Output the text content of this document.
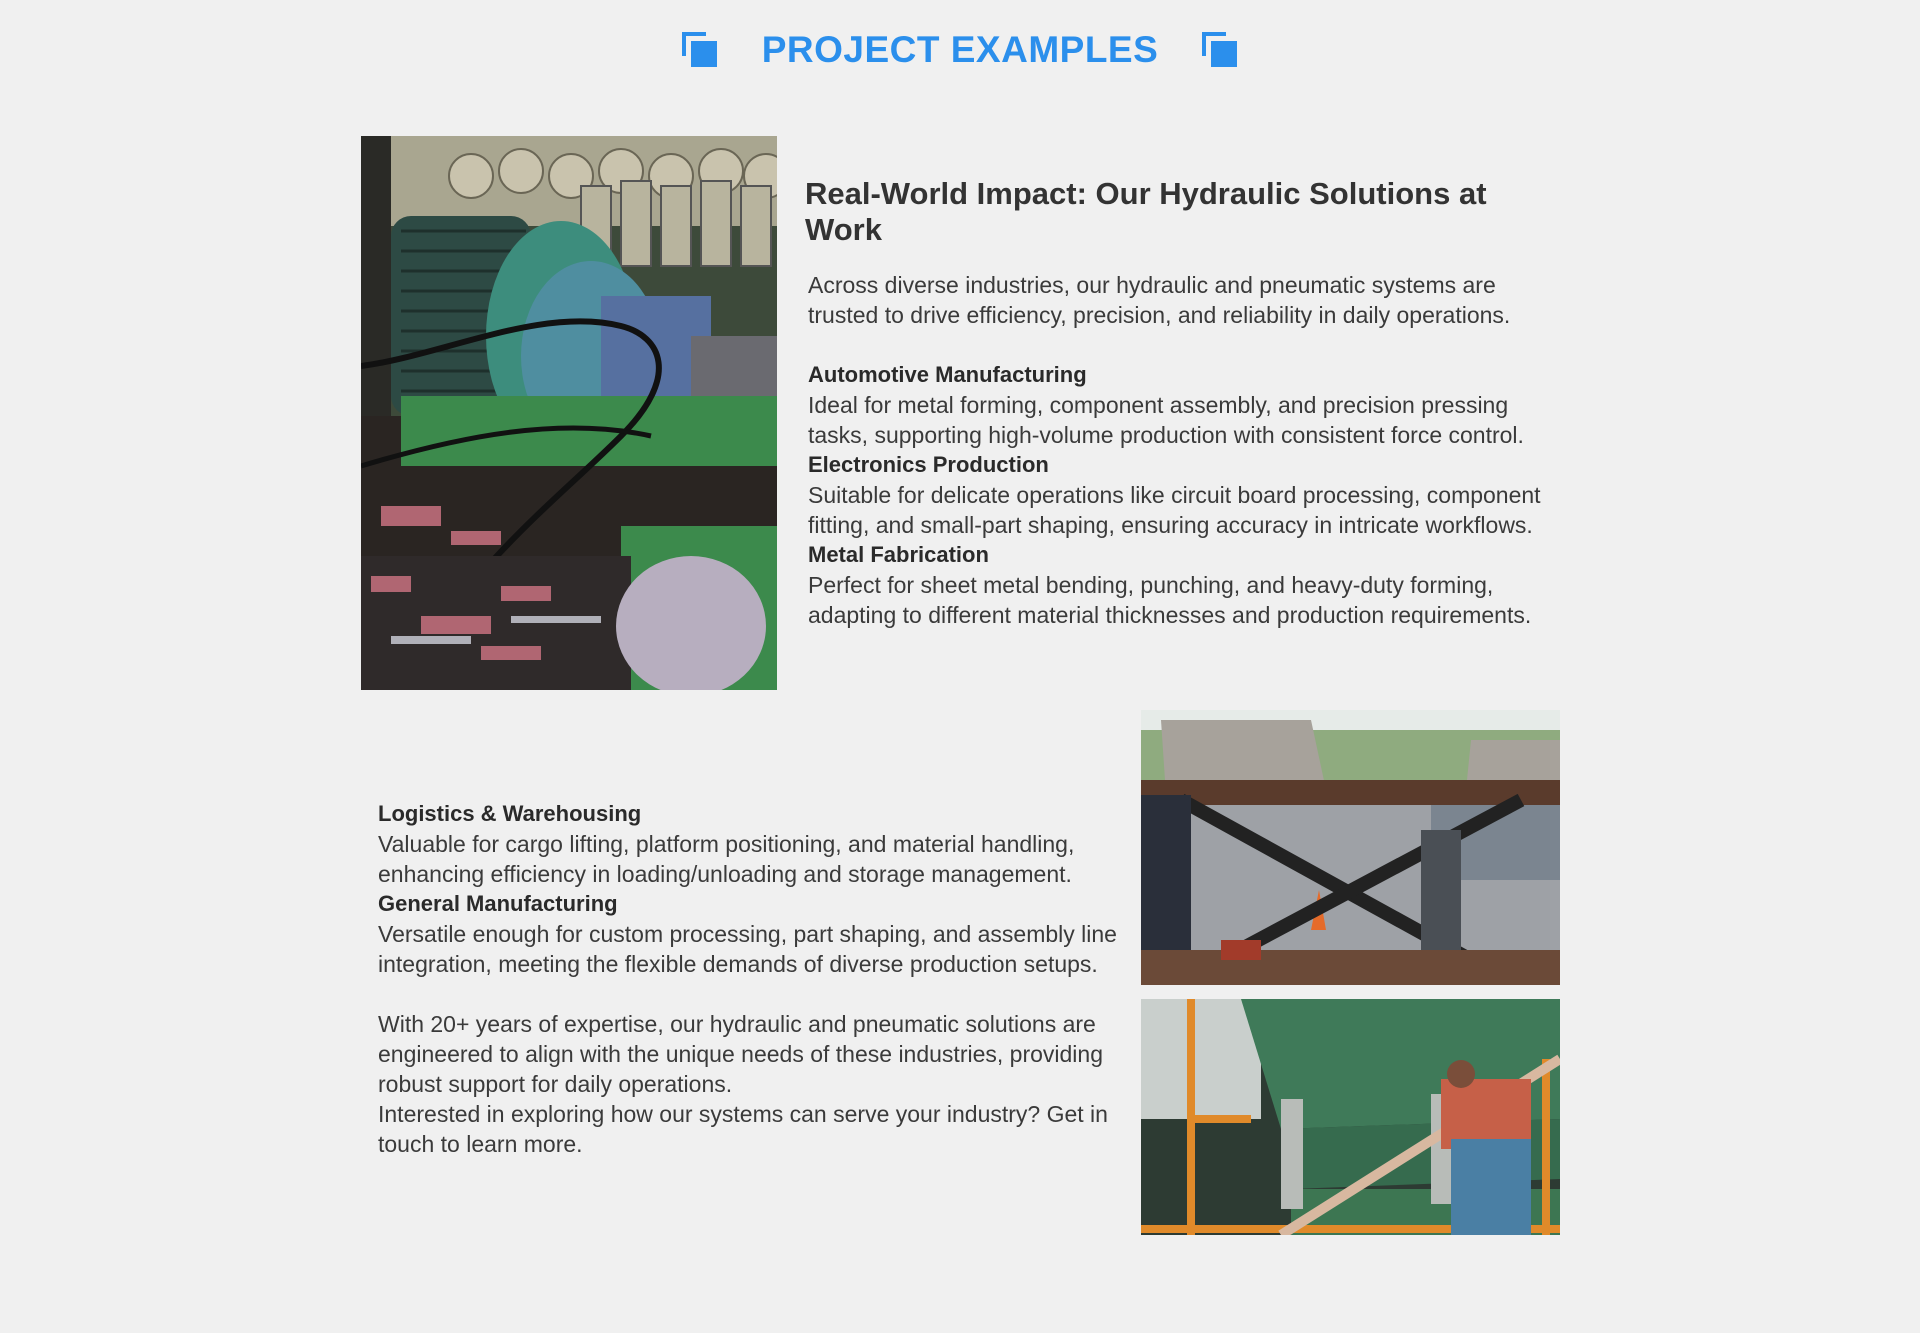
PROJECT EXAMPLES
Real-World Impact: Our Hydraulic Solutions at Work

Across diverse industries, our hydraulic and pneumatic systems are trusted to drive efficiency, precision, and reliability in daily operations.

Automotive Manufacturing

Ideal for metal forming, component assembly, and precision pressing tasks, supporting high-volume production with consistent force control.

Electronics Production

Suitable for delicate operations like circuit board processing, component fitting, and small-part shaping, ensuring accuracy in intricate workflows.

Metal Fabrication

Perfect for sheet metal bending, punching, and heavy-duty forming, adapting to different material thicknesses and production requirements.

Logistics & Warehousing

Valuable for cargo lifting, platform positioning, and material handling, enhancing efficiency in loading/unloading and storage management.

General Manufacturing

Versatile enough for custom processing, part shaping, and assembly line integration, meeting the flexible demands of diverse production setups.

With 20+ years of expertise, our hydraulic and pneumatic solutions are engineered to align with the unique needs of these industries, providing robust support for daily operations.

Interested in exploring how our systems can serve your industry? Get in touch to learn more.
